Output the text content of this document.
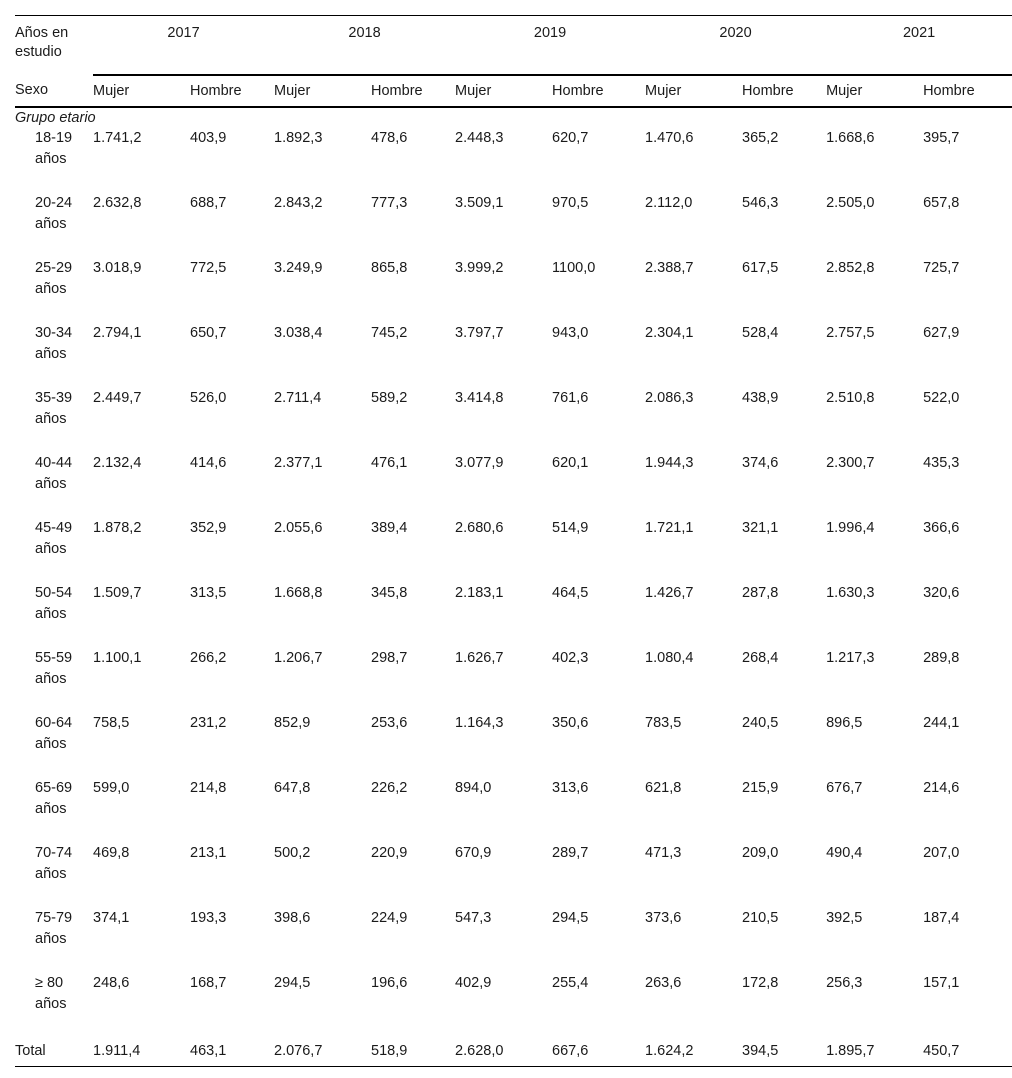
Años en estudio	2017		2018		2019		2020		2021	
Sexo	Mujer	Hombre	Mujer	Hombre	Mujer	Hombre	Mujer	Hombre	Mujer	Hombre
Grupo etario										
18-19 años	1.741,2	403,9	1.892,3	478,6	2.448,3	620,7	1.470,6	365,2	1.668,6	395,7
20-24 años	2.632,8	688,7	2.843,2	777,3	3.509,1	970,5	2.112,0	546,3	2.505,0	657,8
25-29 años	3.018,9	772,5	3.249,9	865,8	3.999,2	1100,0	2.388,7	617,5	2.852,8	725,7
30-34 años	2.794,1	650,7	3.038,4	745,2	3.797,7	943,0	2.304,1	528,4	2.757,5	627,9
35-39 años	2.449,7	526,0	2.711,4	589,2	3.414,8	761,6	2.086,3	438,9	2.510,8	522,0
40-44 años	2.132,4	414,6	2.377,1	476,1	3.077,9	620,1	1.944,3	374,6	2.300,7	435,3
45-49 años	1.878,2	352,9	2.055,6	389,4	2.680,6	514,9	1.721,1	321,1	1.996,4	366,6
50-54 años	1.509,7	313,5	1.668,8	345,8	2.183,1	464,5	1.426,7	287,8	1.630,3	320,6
55-59 años	1.100,1	266,2	1.206,7	298,7	1.626,7	402,3	1.080,4	268,4	1.217,3	289,8
60-64 años	758,5	231,2	852,9	253,6	1.164,3	350,6	783,5	240,5	896,5	244,1
65-69 años	599,0	214,8	647,8	226,2	894,0	313,6	621,8	215,9	676,7	214,6
70-74 años	469,8	213,1	500,2	220,9	670,9	289,7	471,3	209,0	490,4	207,0
75-79 años	374,1	193,3	398,6	224,9	547,3	294,5	373,6	210,5	392,5	187,4
≥ 80 años	248,6	168,7	294,5	196,6	402,9	255,4	263,6	172,8	256,3	157,1
Total	1.911,4	463,1	2.076,7	518,9	2.628,0	667,6	1.624,2	394,5	1.895,7	450,7
